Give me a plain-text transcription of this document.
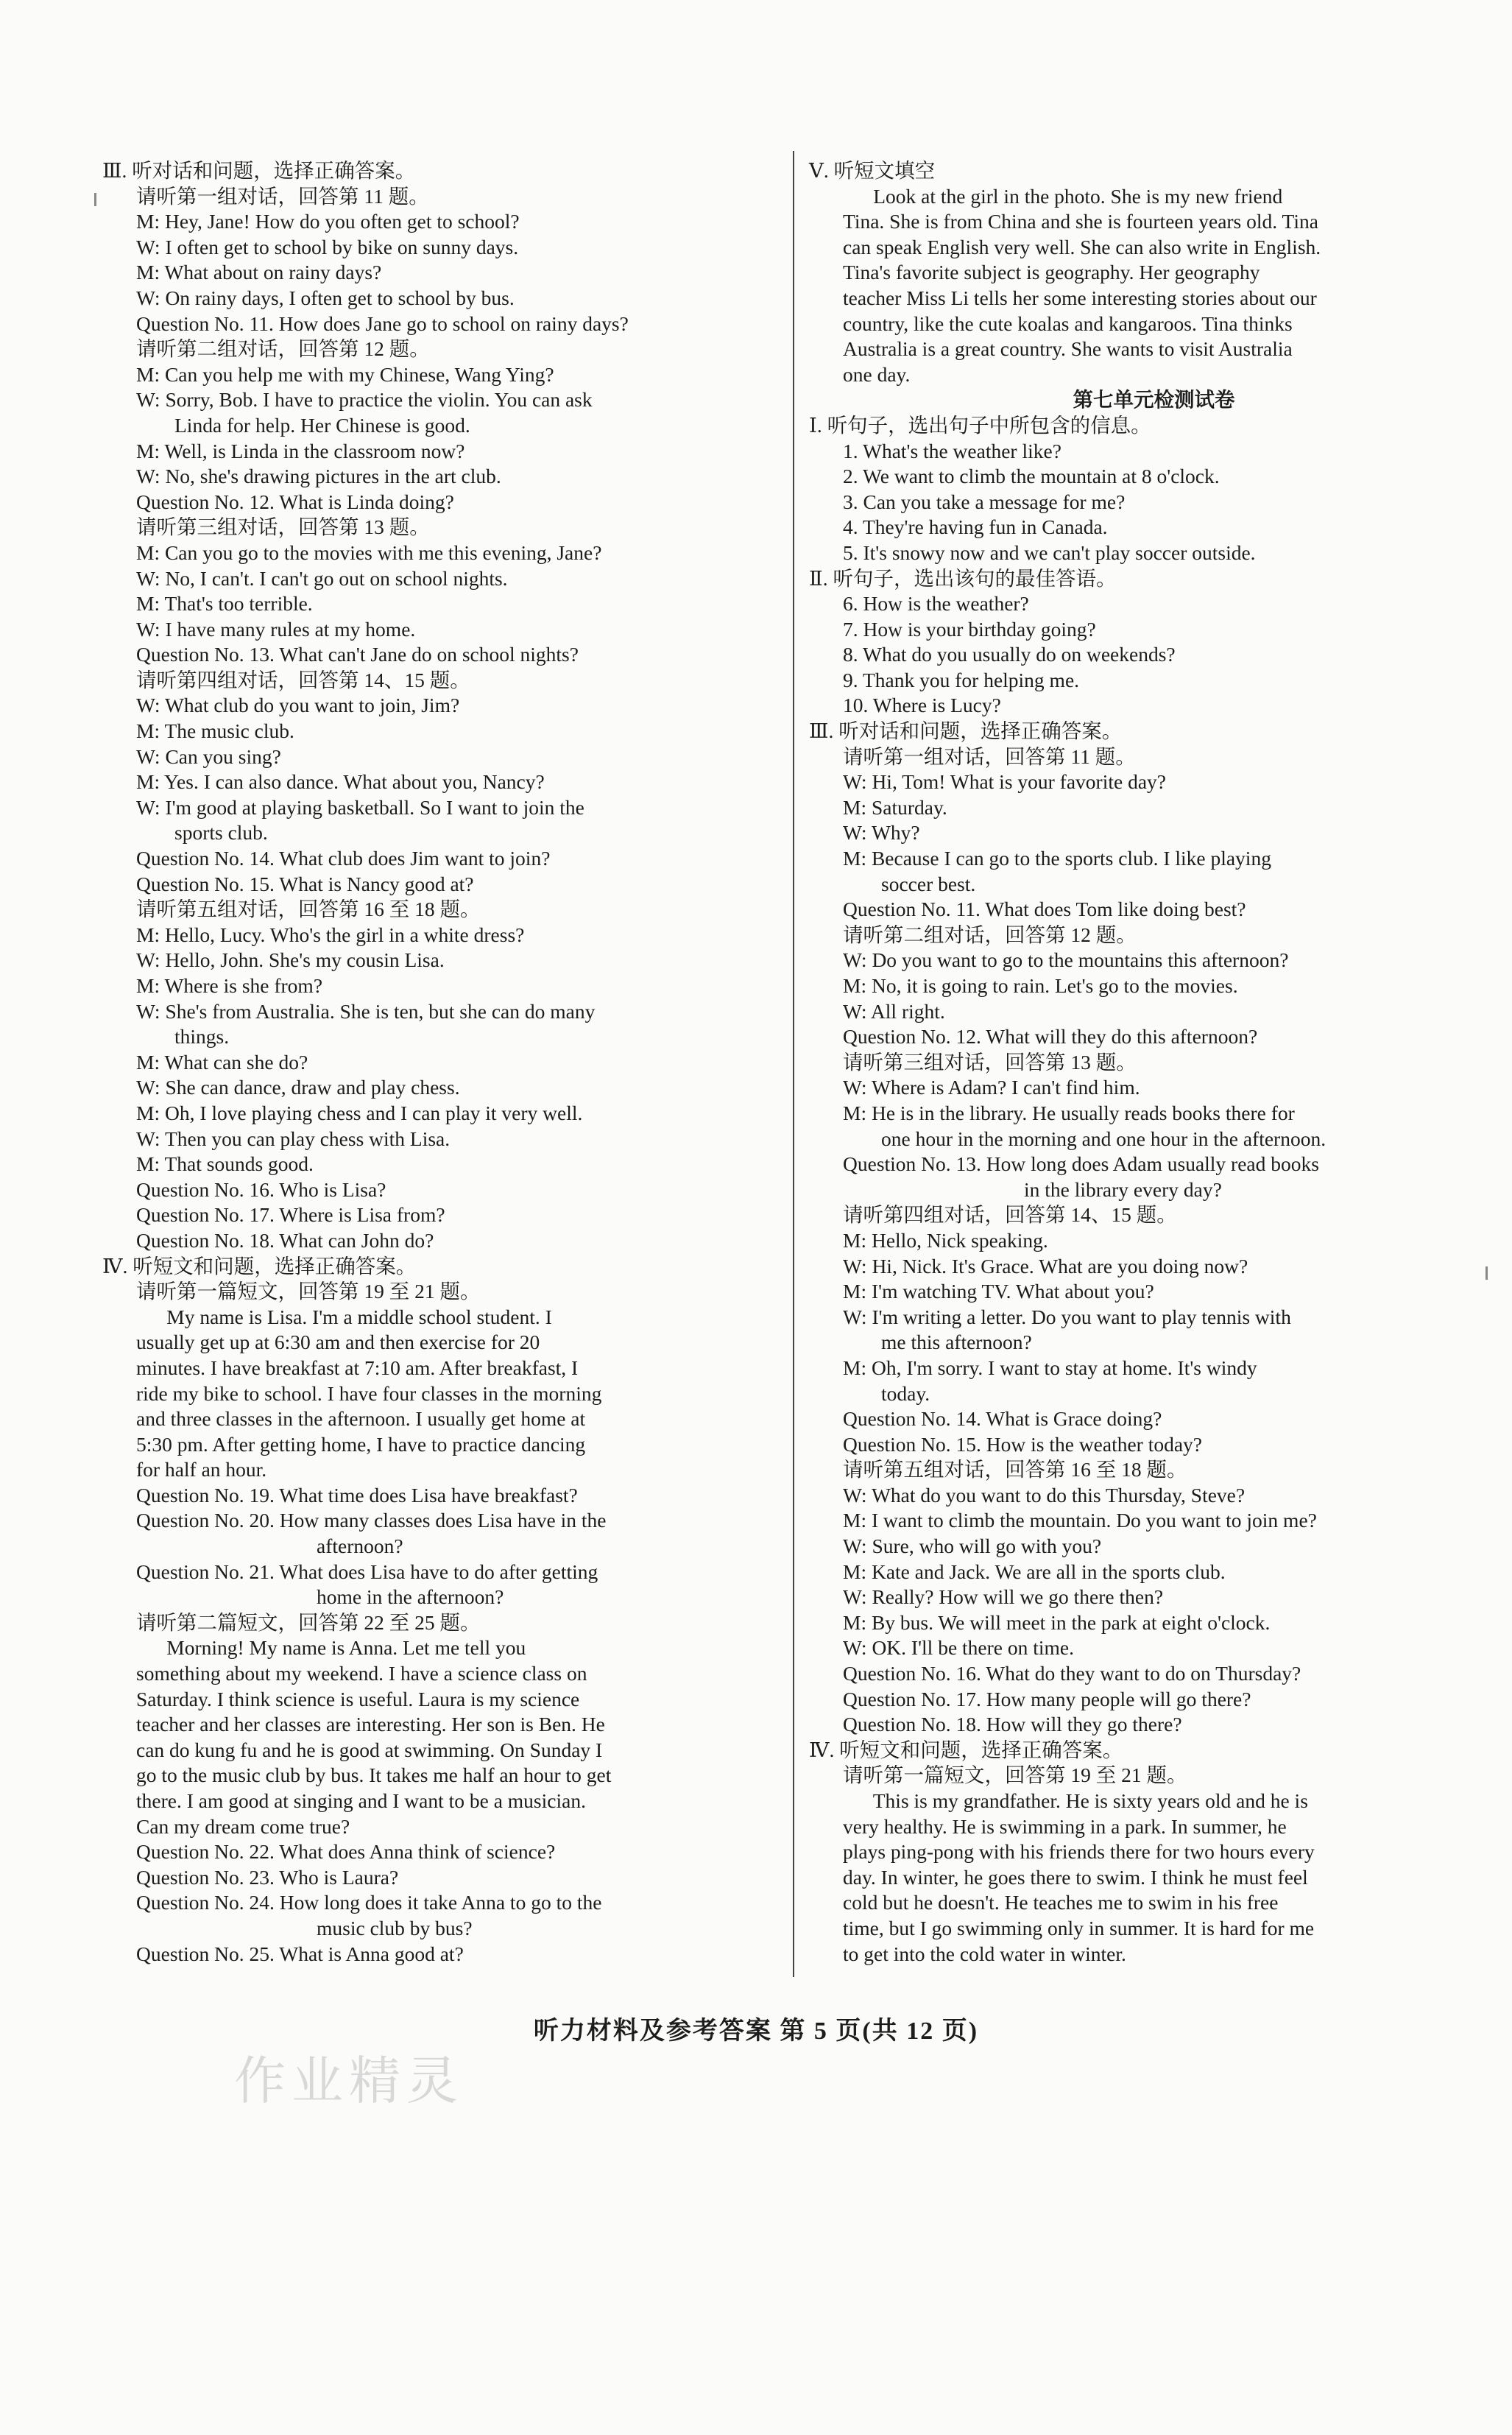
Ⅲ. 听对话和问题，选择正确答案。

请听第一组对话，回答第 11 题。

M: Hey, Jane! How do you often get to school?

W: I often get to school by bike on sunny days.

M: What about on rainy days?

W: On rainy days, I often get to school by bus.

Question No. 11. How does Jane go to school on rainy days?

请听第二组对话，回答第 12 题。

M: Can you help me with my Chinese, Wang Ying?

W: Sorry, Bob. I have to practice the violin. You can ask

Linda for help. Her Chinese is good.

M: Well, is Linda in the classroom now?

W: No, she's drawing pictures in the art club.

Question No. 12. What is Linda doing?

请听第三组对话，回答第 13 题。

M: Can you go to the movies with me this evening, Jane?

W: No, I can't. I can't go out on school nights.

M: That's too terrible.

W: I have many rules at my home.

Question No. 13. What can't Jane do on school nights?

请听第四组对话，回答第 14、15 题。

W: What club do you want to join, Jim?

M: The music club.

W: Can you sing?

M: Yes. I can also dance. What about you, Nancy?

W: I'm good at playing basketball. So I want to join the

sports club.

Question No. 14. What club does Jim want to join?

Question No. 15. What is Nancy good at?

请听第五组对话，回答第 16 至 18 题。

M: Hello, Lucy. Who's the girl in a white dress?

W: Hello, John. She's my cousin Lisa.

M: Where is she from?

W: She's from Australia. She is ten, but she can do many

things.

M: What can she do?

W: She can dance, draw and play chess.

M: Oh, I love playing chess and I can play it very well.

W: Then you can play chess with Lisa.

M: That sounds good.

Question No. 16. Who is Lisa?

Question No. 17. Where is Lisa from?

Question No. 18. What can John do?

Ⅳ. 听短文和问题，选择正确答案。

请听第一篇短文，回答第 19 至 21 题。

My name is Lisa. I'm a middle school student. I

usually get up at 6:30 am and then exercise for 20

minutes. I have breakfast at 7:10 am. After breakfast, I

ride my bike to school. I have four classes in the morning

and three classes in the afternoon. I usually get home at

5:30 pm. After getting home, I have to practice dancing

for half an hour.

Question No. 19. What time does Lisa have breakfast?

Question No. 20. How many classes does Lisa have in the

afternoon?

Question No. 21. What does Lisa have to do after getting

home in the afternoon?

请听第二篇短文，回答第 22 至 25 题。

Morning! My name is Anna. Let me tell you

something about my weekend. I have a science class on

Saturday. I think science is useful. Laura is my science

teacher and her classes are interesting. Her son is Ben. He

can do kung fu and he is good at swimming. On Sunday I

go to the music club by bus. It takes me half an hour to get

there. I am good at singing and I want to be a musician.

Can my dream come true?

Question No. 22. What does Anna think of science?

Question No. 23. Who is Laura?

Question No. 24. How long does it take Anna to go to the

music club by bus?

Question No. 25. What is Anna good at?

Ⅴ. 听短文填空

Look at the girl in the photo. She is my new friend

Tina. She is from China and she is fourteen years old. Tina

can speak English very well. She can also write in English.

Tina's favorite subject is geography. Her geography

teacher Miss Li tells her some interesting stories about our

country, like the cute koalas and kangaroos. Tina thinks

Australia is a great country. She wants to visit Australia

one day.

第七单元检测试卷

Ⅰ. 听句子，选出句子中所包含的信息。

1. What's the weather like?

2. We want to climb the mountain at 8 o'clock.

3. Can you take a message for me?

4. They're having fun in Canada.

5. It's snowy now and we can't play soccer outside.

Ⅱ. 听句子，选出该句的最佳答语。

6. How is the weather?

7. How is your birthday going?

8. What do you usually do on weekends?

9. Thank you for helping me.

10. Where is Lucy?

Ⅲ. 听对话和问题，选择正确答案。

请听第一组对话，回答第 11 题。

W: Hi, Tom! What is your favorite day?

M: Saturday.

W: Why?

M: Because I can go to the sports club. I like playing

soccer best.

Question No. 11. What does Tom like doing best?

请听第二组对话，回答第 12 题。

W: Do you want to go to the mountains this afternoon?

M: No, it is going to rain. Let's go to the movies.

W: All right.

Question No. 12. What will they do this afternoon?

请听第三组对话，回答第 13 题。

W: Where is Adam? I can't find him.

M: He is in the library. He usually reads books there for

one hour in the morning and one hour in the afternoon.

Question No. 13. How long does Adam usually read books

in the library every day?

请听第四组对话，回答第 14、15 题。

M: Hello, Nick speaking.

W: Hi, Nick. It's Grace. What are you doing now?

M: I'm watching TV. What about you?

W: I'm writing a letter. Do you want to play tennis with

me this afternoon?

M: Oh, I'm sorry. I want to stay at home. It's windy

today.

Question No. 14. What is Grace doing?

Question No. 15. How is the weather today?

请听第五组对话，回答第 16 至 18 题。

W: What do you want to do this Thursday, Steve?

M: I want to climb the mountain. Do you want to join me?

W: Sure, who will go with you?

M: Kate and Jack. We are all in the sports club.

W: Really? How will we go there then?

M: By bus. We will meet in the park at eight o'clock.

W: OK. I'll be there on time.

Question No. 16. What do they want to do on Thursday?

Question No. 17. How many people will go there?

Question No. 18. How will they go there?

Ⅳ. 听短文和问题，选择正确答案。

请听第一篇短文，回答第 19 至 21 题。

This is my grandfather. He is sixty years old and he is

very healthy. He is swimming in a park. In summer, he

plays ping-pong with his friends there for two hours every

day. In winter, he goes there to swim. I think he must feel

cold but he doesn't. He teaches me to swim in his free

time, but I go swimming only in summer. It is hard for me

to get into the cold water in winter.

听力材料及参考答案 第 5 页(共 12 页)
作业精灵
